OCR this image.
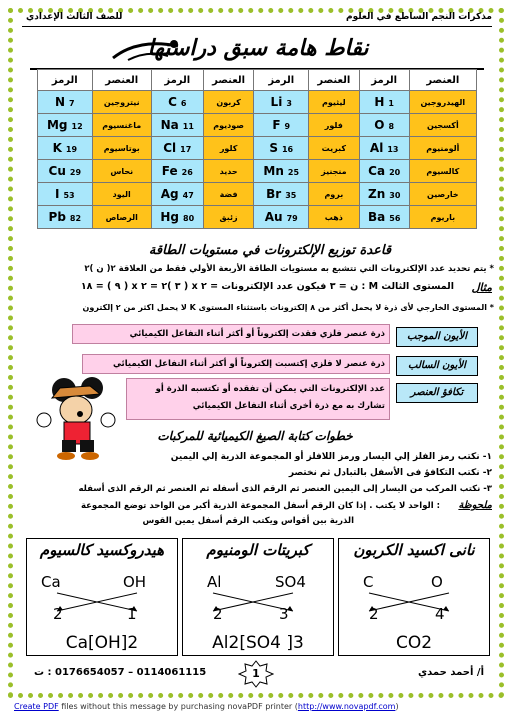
مذكرات النجم الساطع في العلوم
للصف الثالث الإعدادي
نقاط هامة سبق دراستها
العنصر	الرمز	العنصر	الرمز	العنصر	الرمز	العنصر	الرمز
الهيدروجين	H 1	ليثيوم	Li 3	كربون	C 6	نيتروجين	N 7
أكسجين	O 8	فلور	F 9	صوديوم	Na 11	ماغنسيوم	Mg 12
ألومنيوم	Al 13	كبريت	S 16	كلور	Cl 17	بوتاسيوم	K 19
كالسيوم	Ca 20	منجنيز	Mn 25	حديد	Fe 26	نحاس	Cu 29
خارصين	Zn 30	بروم	Br 35	فضة	Ag 47	اليود	I 53
باريوم	Ba 56	ذهب	Au 79	زئبق	Hg 80	الرصاص	Pb 82
قاعدة توزيع الإلكترونات في مستويات الطاقة
* يتم تحديد عدد الإلكترونات التي تتشبع به مستويات الطاقة الأربعة الأولي فقط من العلاقة ٢( ن )٢
مثال
المستوى الثالث M : ن = ٣ فيكون عدد الإلكترونات = ٢ x ( ٣ )٢ = ٢ x ( ٩ ) = ١٨
* المستوى الخارجي لأى ذرة لا يحمل أكثر من ٨ إلكترونات باستثناء المستوى K لا يحمل اكثر من ٢ إلكترون
الأيون الموجب
ذرة عنصر فلزي فقدت إلكتروناً أو أكثر أثناء التفاعل الكيميائي
الأيون السالب
ذرة عنصر لا فلزي إكتسبت إلكتروناً أو أكثر أثناء التفاعل الكيميائي
تكافؤ العنصر
عدد الإلكترونات التي يمكن أن تفقده أو تكتسبه الذرة أو تشارك به مع ذرة أخرى أثناء التفاعل الكيميائي
خطوات كتابة الصيغ الكيميائية للمركبات
١- نكتب رمز الفلز إلي اليسار ورمز اللافلز أو المجموعة الذرية إلي اليمين
٢- نكتب التكافؤ فى الأسفل بالتبادل ثم نختصر
٣- نكتب المركب من اليسار إلى اليمين العنصر ثم الرقم الذى أسفله ثم العنصر ثم الرقم الذى أسفله
ملحوظة
: الواحد لا يكتب . إذا كان الرقم أسفل المجموعة الذرية أكبر من الواحد توضع المجموعة
الذرية بين أقواس ويكتب الرقم أسفل يمين القوس
نانى اكسيد الكربون
C	O
2	4
CO2
كبريتات الومنيوم
Al	SO4
2	3
Al2[SO4 ]3
هيدروكسيد كالسيوم
Ca	OH
2	1
Ca[OH]2
أ/ أحمد حمدي
0114061115 – 0176654057 : ت	1
Create PDF files without this message by purchasing novaPDF printer (http://www.novapdf.com)
